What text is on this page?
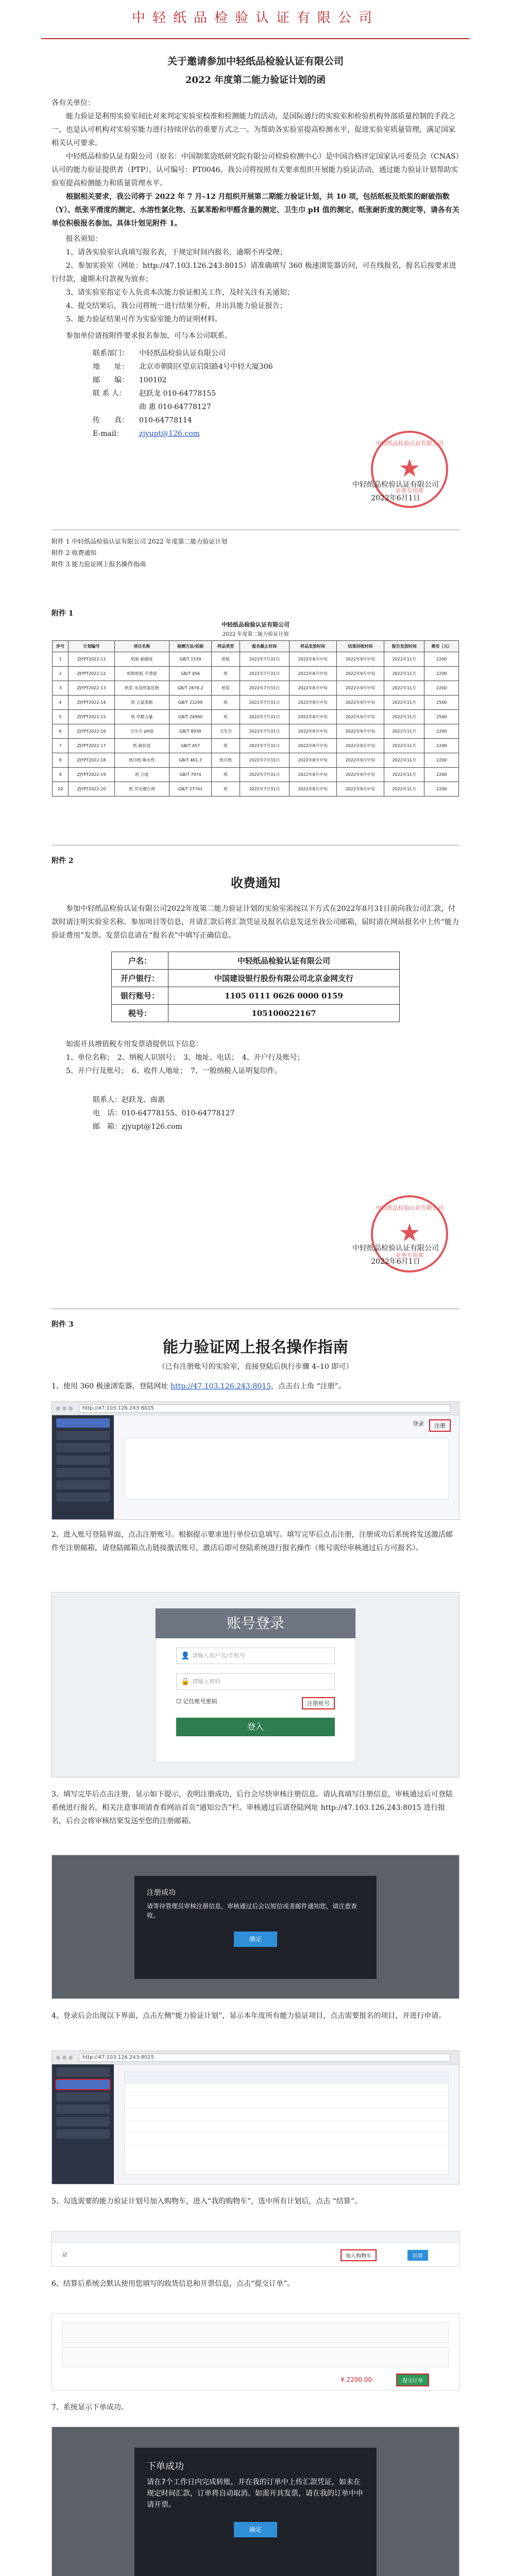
中轻纸品检验认证有限公司
关于邀请参加中轻纸品检验认证有限公司
2022 年度第二能力验证计划的函
各有关单位：
能力验证是利用实验室间比对来判定实验室校准和检测能力的活动，是国际通行的实验室和检验机构外部质量控制的手段之一，也是认可机构对实验室能力进行持续评估的重要方式之一。为帮助各实验室提高检测水平，促进实验室质量管理，满足国家相关认可要求。
中轻纸品检验认证有限公司（原名：中国制浆造纸研究院有限公司检验检测中心）是中国合格评定国家认可委员会（CNAS）认可的能力验证提供者（PTP），认可编号：PT0046。我公司将按照有关要求组织开展能力验证活动，通过能力验证计划帮助实验室提高检测能力和质量管理水平。
根据相关要求，我公司将于 2022 年 7 月–12 月组织开展第二期能力验证计划，共 10 项，包括纸板及纸浆的耐破指数（Y）、纸张平滑度的测定、水溶性氯化物、五氯苯酚和甲醛含量的测定、卫生巾 pH 值的测定、纸张耐折度的测定等，请各有关单位积极报名参加。具体计划见附件 1。
报名须知：
1、请各实验室认真填写报名表，于规定时间内报名，逾期不再受理；
2、参加实验室（网址：http://47.103.126.243:8015）请准确填写 360 极速浏览器访问，可在线报名，报名后按要求进行付款，逾期未付款视为放弃；
3、请实验室指定专人负责本次能力验证相关工作，及时关注有关通知；
4、提交结果后，我公司将统一进行结果分析，并出具能力验证报告；
5、能力验证结果可作为实验室能力的证明材料。
参加单位请按附件要求报名参加，可与本公司联系。
联系部门：	中轻纸品检验认证有限公司
地　　址：	北京市朝阳区望京启阳路4号中轻大厦306
邮　　编：	100102
联 系 人：	赵跃龙 010-64778155
曲 惠 010-64778127
传　　真：	010-64778114
E-mail：	zjyupt@126.com
中轻纸品检验认证有限公司
★
业务专用章
中轻纸品检验认证有限公司
2022年6月1日
附件 1 中轻纸品检验认证有限公司 2022 年度第二能力验证计划
附件 2 收费通知
附件 3 能力验证网上报名操作指南
附件 1
中轻纸品检验认证有限公司
2022 年度第二能力验证计划
序号	计划编号	项目名称	检测方法/依据	样品类型	报名截止时间	样品发放时间	结果回收时间	报告发放时间	费用（元）
1	ZJYPT2022-11	纸板 耐破度	GB/T 1539	纸板	2022年7月31日	2022年8月中旬	2022年9月中旬	2022年11月	2200
2	ZJYPT2022-12	纸和纸板 平滑度	GB/T 456	纸	2022年7月31日	2022年8月中旬	2022年9月中旬	2022年11月	2200
3	ZJYPT2022-13	纸浆 水溶性氯化物	GB/T 2678.2	纸浆	2022年7月31日	2022年8月中旬	2022年9月中旬	2022年11月	2200
4	ZJYPT2022-14	纸 五氯苯酚	GB/T 21299	纸	2022年7月31日	2022年8月中旬	2022年9月中旬	2022年11月	2500
5	ZJYPT2022-15	纸 甲醛含量	GB/T 24990	纸	2022年7月31日	2022年8月中旬	2022年9月中旬	2022年11月	2500
6	ZJYPT2022-16	卫生巾 pH值	GB/T 8939	卫生巾	2022年7月31日	2022年8月中旬	2022年9月中旬	2022年11月	2200
7	ZJYPT2022-17	纸 耐折度	GB/T 457	纸	2022年7月31日	2022年8月中旬	2022年9月中旬	2022年11月	2200
8	ZJYPT2022-18	纸巾纸 吸水性	GB/T 461.3	纸巾纸	2022年7月31日	2022年8月中旬	2022年9月中旬	2022年11月	2200
9	ZJYPT2022-19	纸 白度	GB/T 7974	纸	2022年7月31日	2022年8月中旬	2022年9月中旬	2022年11月	2200
10	ZJYPT2022-20	纸 荧光增白剂	GB/T 27741	纸	2022年7月31日	2022年8月中旬	2022年9月中旬	2022年11月	2200
附件 2
收费通知
参加中轻纸品检验认证有限公司2022年度第二能力验证计划的实验室需按以下方式在2022年8月31日前向我公司汇款，付款时请注明实验室名称、参加项目等信息，并请汇款后将汇款凭证及报名信息发送至我公司邮箱，届时请在网站报名中上传“能力验证费用”发票。发票信息请在“报名表”中填写正确信息。
户名：	中轻纸品检验认证有限公司
开户银行：	中国建设银行股份有限公司北京金网支行
银行账号：	1105 0111 0626 0000 0159
税号：	105100022167
如需开具增值税专用发票请提供以下信息：
1、单位名称；　2、纳税人识别号；　3、地址、电话；　4、开户行及账号；
5、开户行及账号；　6、收件人地址；　7、一般纳税人证明复印件。
联系人：赵跃龙、曲惠
电　话：010-64778155、010-64778127
邮　箱：zjyupt@126.com
中轻纸品检验认证有限公司
★
业务专用章
中轻纸品检验认证有限公司
2022年6月1日
附件 3
能力验证网上报名操作指南
（已有注册账号的实验室，直接登陆后执行步骤 4–10 即可）
1、使用 360 极速浏览器，登陆网址 http://47.103.126.243:8015，点击右上角 “注册”。
http://47.103.126.243:8015
登录	注册
2、进入账号登陆界面，点击注册账号。根据提示要求进行单位信息填写。填写完毕后点击注册，注册成功后系统将发送激活邮件至注册邮箱，请登陆邮箱点击链接激活账号，激活后即可登陆系统进行报名操作（账号需经审核通过后方可报名）。
账号登录
👤 请输入用户名/手机号
🔒 请输入密码
☐ 记住账号密码	注册账号
登入
3、填写完毕后点击注册，显示如下提示，表明注册成功，后台会尽快审核注册信息。请认真填写注册信息，审核通过后可登陆系统进行报名，相关注意事项请查看网站首页“通知公告”栏。审核通过后请登陆网址 http://47.103.126.243:8015 进行报名，后台会将审核结果发送至您的注册邮箱。
注册成功
请等待管理员审核注册信息，审核通过后会以短信或者邮件通知您，请注意查收。
确定
4、登录后会出现以下界面，点击左侧“能力验证计划”，显示本年度所有能力验证项目，点击需要报名的项目，并进行申请。
http://47.103.126.243:8015
5、勾选需要的能力验证计划号加入购物车，进入“我的购物车”，选中所有计划后，点击 “结算”。
☑	加入购物车	结算
6、结算后系统会默认使用您填写的收货信息和开票信息，点击“提交订单”。
¥ 2200.00	提交订单
7、系统显示下单成功。
下单成功
请在7个工作日内完成转账，并在我的订单中上传汇款凭证，如未在规定时间汇款，订单将自动取消。如需开具发票，请在我的订单中申请开票。
确定
